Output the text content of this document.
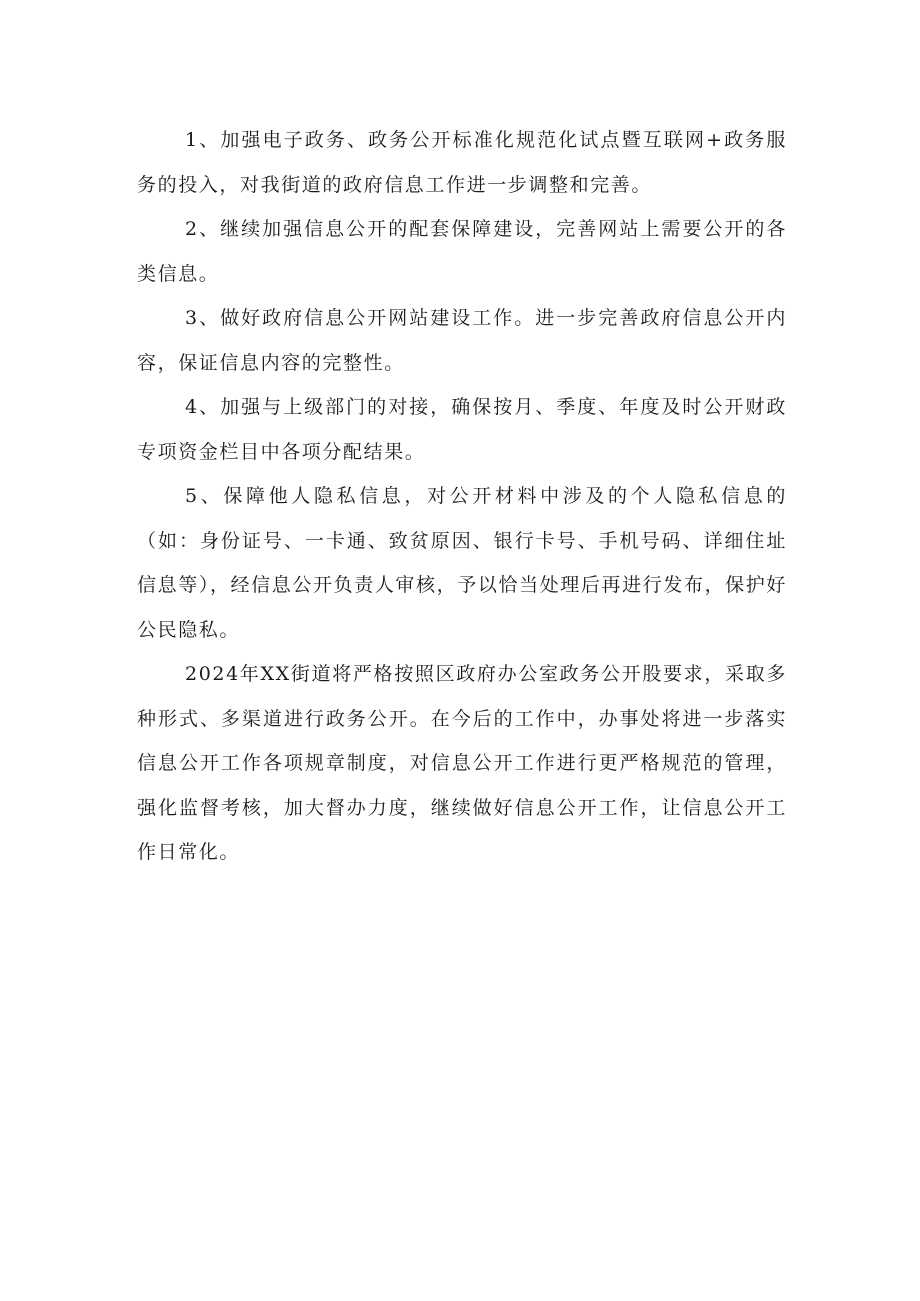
1、加强电子政务、政务公开标准化规范化试点暨互联网+政务服务的投入，对我街道的政府信息工作进一步调整和完善。

2、继续加强信息公开的配套保障建设，完善网站上需要公开的各类信息。

3、做好政府信息公开网站建设工作。进一步完善政府信息公开内容，保证信息内容的完整性。

4、加强与上级部门的对接，确保按月、季度、年度及时公开财政专项资金栏目中各项分配结果。

5、保障他人隐私信息，对公开材料中涉及的个人隐私信息的（如：身份证号、一卡通、致贫原因、银行卡号、手机号码、详细住址信息等），经信息公开负责人审核，予以恰当处理后再进行发布，保护好公民隐私。

2024年XX街道将严格按照区政府办公室政务公开股要求，采取多种形式、多渠道进行政务公开。在今后的工作中，办事处将进一步落实信息公开工作各项规章制度，对信息公开工作进行更严格规范的管理，强化监督考核，加大督办力度，继续做好信息公开工作，让信息公开工作日常化。
